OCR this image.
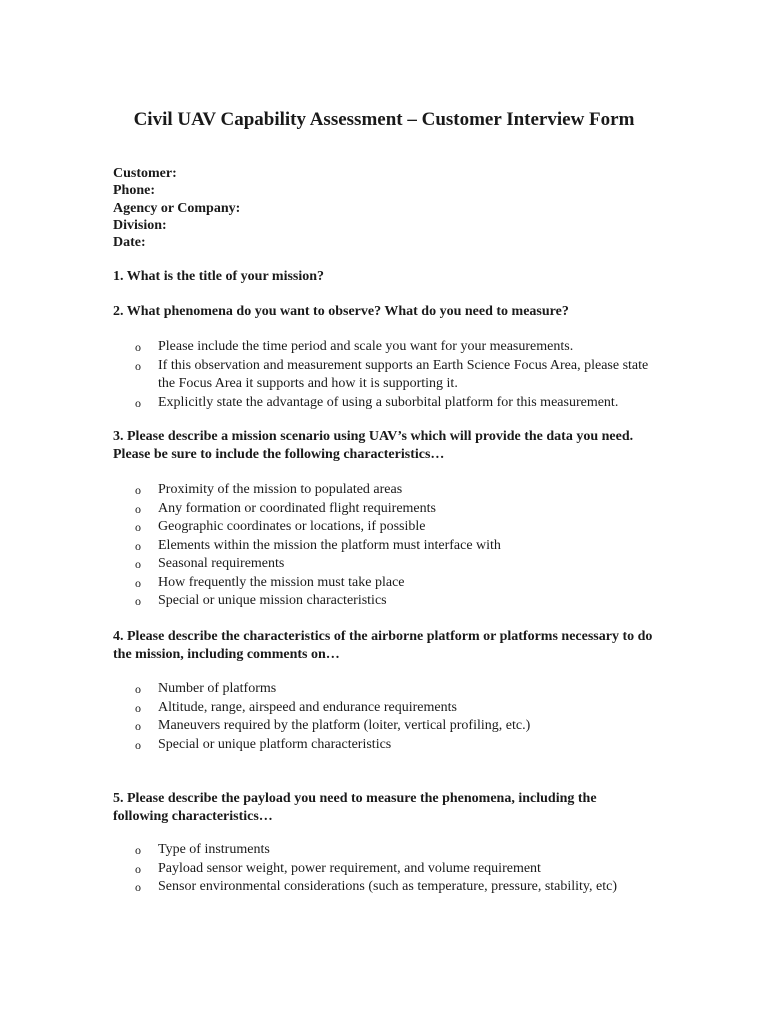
Civil UAV Capability Assessment – Customer Interview Form
Customer:
Phone:
Agency or Company:
Division:
Date:
1. What is the title of your mission?
2. What phenomena do you want to observe? What do you need to measure?
o Please include the time period and scale you want for your measurements.
o If this observation and measurement supports an Earth Science Focus Area, please state the Focus Area it supports and how it is supporting it.
o Explicitly state the advantage of using a suborbital platform for this measurement.
3. Please describe a mission scenario using UAV’s which will provide the data you need. Please be sure to include the following characteristics…
o Proximity of the mission to populated areas
o Any formation or coordinated flight requirements
o Geographic coordinates or locations, if possible
o Elements within the mission the platform must interface with
o Seasonal requirements
o How frequently the mission must take place
o Special or unique mission characteristics
4. Please describe the characteristics of the airborne platform or platforms necessary to do the mission, including comments on…
o Number of platforms
o Altitude, range, airspeed and endurance requirements
o Maneuvers required by the platform (loiter, vertical profiling, etc.)
o Special or unique platform characteristics
5. Please describe the payload you need to measure the phenomena, including the following characteristics…
o Type of instruments
o Payload sensor weight, power requirement, and volume requirement
o Sensor environmental considerations (such as temperature, pressure, stability, etc)
